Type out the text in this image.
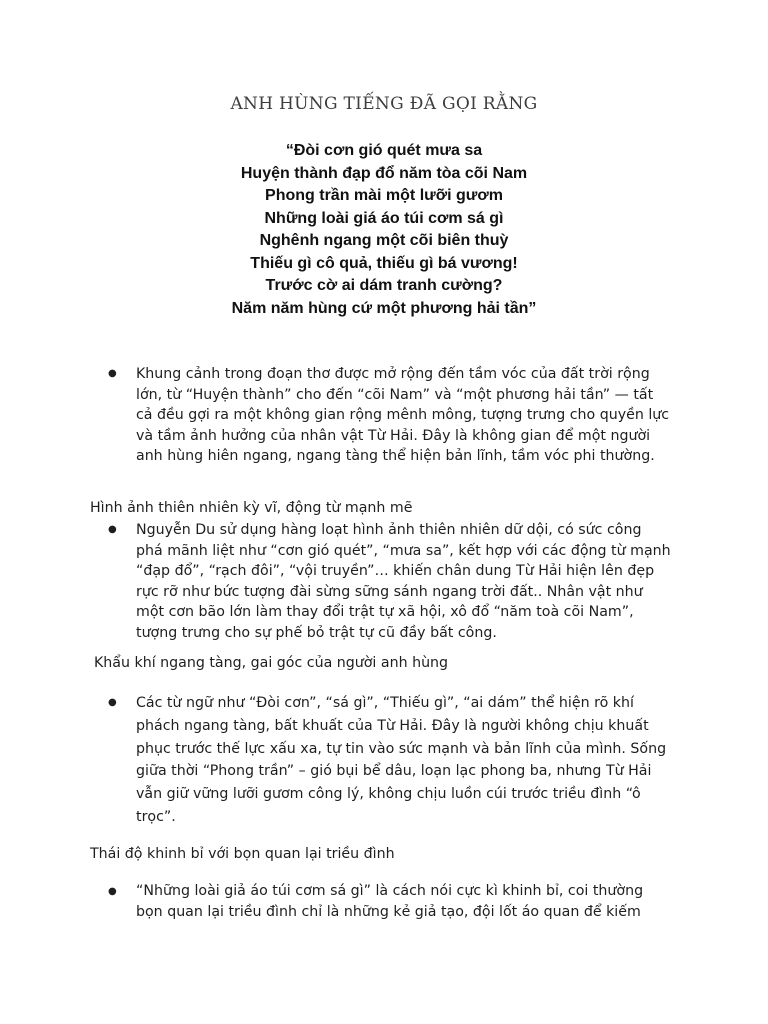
ANH HÙNG TIẾNG ĐÃ GỌI RẰNG
“Đòi cơn gió quét mưa sa
Huyện thành đạp đổ năm tòa cõi Nam
Phong trần mài một lưỡi gươm
Những loài giá áo túi cơm sá gì
Nghênh ngang một cõi biên thuỳ
Thiếu gì cô quả, thiếu gì bá vương!
Trước cờ ai dám tranh cường?
Năm năm hùng cứ một phương hải tần”
● Khung cảnh trong đoạn thơ được mở rộng đến tầm vóc của đất trời rộng lớn, từ “Huyện thành” cho đến “cõi Nam” và “một phương hải tần” — tất cả đều gợi ra một không gian rộng mênh mông, tượng trưng cho quyền lực và tầm ảnh hưởng của nhân vật Từ Hải. Đây là không gian để một người anh hùng hiên ngang, ngang tàng thể hiện bản lĩnh, tầm vóc phi thường.
Hình ảnh thiên nhiên kỳ vĩ, động từ mạnh mẽ
● Nguyễn Du sử dụng hàng loạt hình ảnh thiên nhiên dữ dội, có sức công phá mãnh liệt như “cơn gió quét”, “mưa sa”, kết hợp với các động từ mạnh “đạp đổ”, “rạch đôi”, “vội truyền”… khiến chân dung Từ Hải hiện lên đẹp rực rỡ như bức tượng đài sừng sững sánh ngang trời đất.. Nhân vật như một cơn bão lớn làm thay đổi trật tự xã hội, xô đổ “năm toà cõi Nam”, tượng trưng cho sự phế bỏ trật tự cũ đầy bất công.
Khẩu khí ngang tàng, gai góc của người anh hùng
● Các từ ngữ như “Đòi cơn”, “sá gì”, “Thiếu gì”, “ai dám” thể hiện rõ khí phách ngang tàng, bất khuất của Từ Hải. Đây là người không chịu khuất phục trước thế lực xấu xa, tự tin vào sức mạnh và bản lĩnh của mình. Sống giữa thời “Phong trần” – gió bụi bể dâu, loạn lạc phong ba, nhưng Từ Hải vẫn giữ vững lưỡi gươm công lý, không chịu luồn cúi trước triều đình “ô trọc”.
Thái độ khinh bỉ với bọn quan lại triều đình
● “Những loài giả áo túi cơm sá gì” là cách nói cực kì khinh bỉ, coi thường bọn quan lại triều đình chỉ là những kẻ giả tạo, đội lốt áo quan để kiếm
